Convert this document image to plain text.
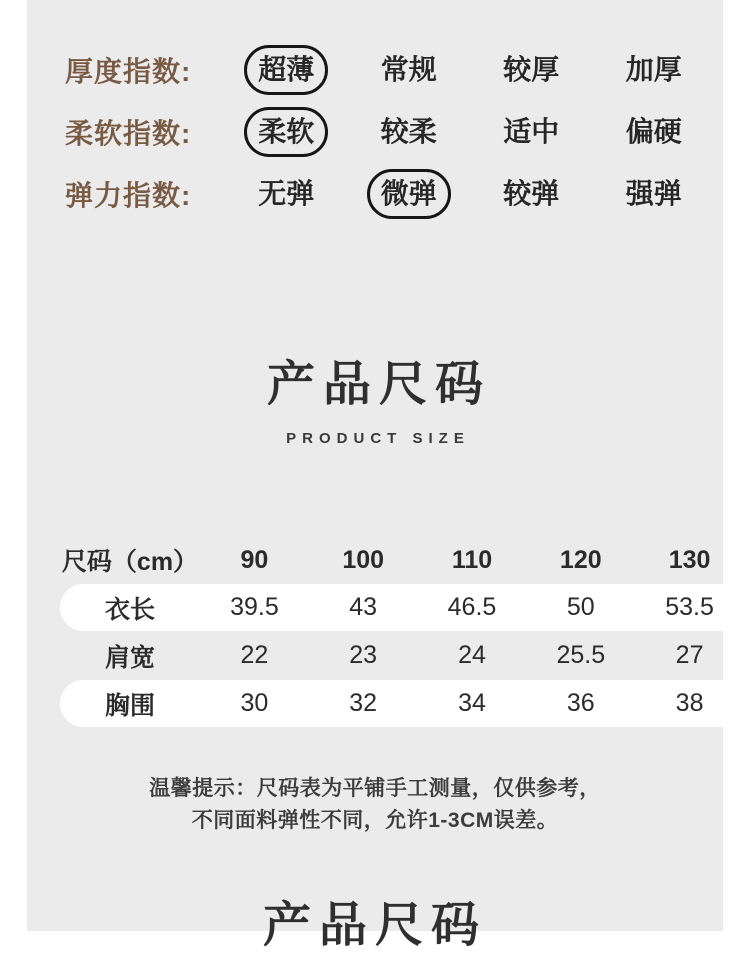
厚度指数:	超薄	常规	较厚	加厚
柔软指数:	柔软	较柔	适中	偏硬
弹力指数:	无弹	微弹	较弹	强弹
产品尺码
PRODUCT SIZE
尺码（cm）	90	100	110	120	130
衣长	39.5	43	46.5	50	53.5
肩宽	22	23	24	25.5	27
胸围	30	32	34	36	38
温馨提示：尺码表为平铺手工测量，仅供参考，
不同面料弹性不同，允许1-3CM误差。
产品尺码
